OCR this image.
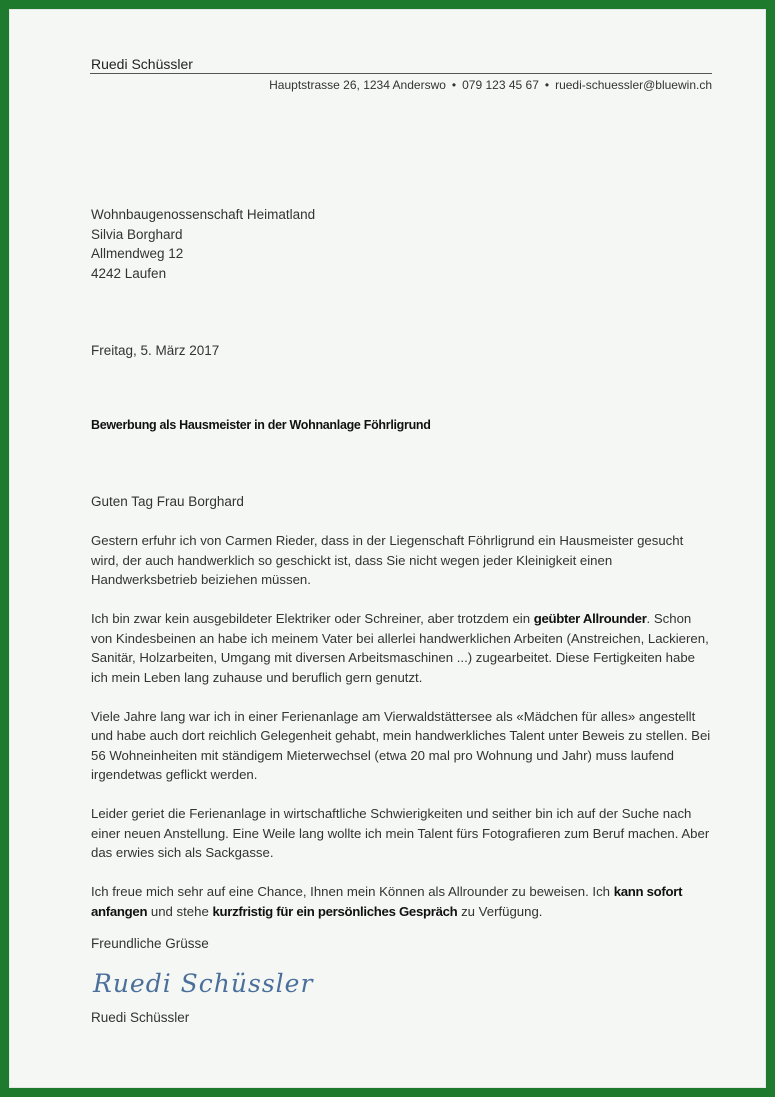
Ruedi Schüssler
Hauptstrasse 26, 1234 Anderswo • 079 123 45 67 • ruedi-schuessler@bluewin.ch
Wohnbaugenossenschaft Heimatland
Silvia Borghard
Allmendweg 12
4242 Laufen
Freitag, 5. März 2017
Bewerbung als Hausmeister in der Wohnanlage Föhrligrund
Guten Tag Frau Borghard

Gestern erfuhr ich von Carmen Rieder, dass in der Liegenschaft Föhrligrund ein Hausmeister gesucht wird, der auch handwerklich so geschickt ist, dass Sie nicht wegen jeder Kleinigkeit einen Handwerksbetrieb beiziehen müssen.

Ich bin zwar kein ausgebildeter Elektriker oder Schreiner, aber trotzdem ein geübter Allrounder. Schon von Kindesbeinen an habe ich meinem Vater bei allerlei handwerklichen Arbeiten (Anstreichen, Lackieren, Sanitär, Holzarbeiten, Umgang mit diversen Arbeitsmaschinen ...) zugearbeitet. Diese Fertigkeiten habe ich mein Leben lang zuhause und beruflich gern genutzt.

Viele Jahre lang war ich in einer Ferienanlage am Vierwaldstättersee als «Mädchen für alles» angestellt und habe auch dort reichlich Gelegenheit gehabt, mein handwerkliches Talent unter Beweis zu stellen. Bei 56 Wohneinheiten mit ständigem Mieterwechsel (etwa 20 mal pro Wohnung und Jahr) muss laufend irgendetwas geflickt werden.

Leider geriet die Ferienanlage in wirtschaftliche Schwierigkeiten und seither bin ich auf der Suche nach einer neuen Anstellung. Eine Weile lang wollte ich mein Talent fürs Fotografieren zum Beruf machen. Aber das erwies sich als Sackgasse.

Ich freue mich sehr auf eine Chance, Ihnen mein Können als Allrounder zu beweisen. Ich kann sofort anfangen und stehe kurzfristig für ein persönliches Gespräch zu Verfügung.

Freundliche Grüsse
Ruedi Schüssler
Ruedi Schüssler
